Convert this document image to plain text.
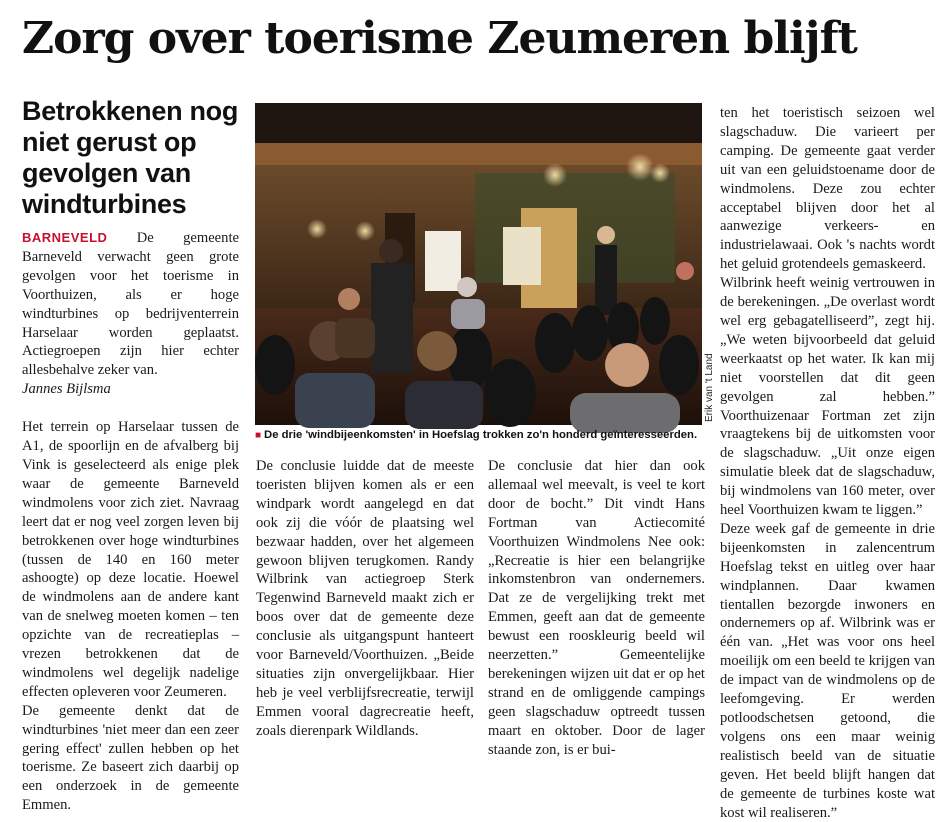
Zorg over toerisme Zeumeren blijft
Betrokkenen nog niet gerust op gevolgen van windturbines

BARNEVELD De gemeente Barneveld verwacht geen grote gevolgen voor het toerisme in Voorthuizen, als er hoge windturbines op bedrijventerrein Harselaar worden geplaatst. Actiegroepen zijn hier echter allesbehalve zeker van.

Jannes Bijlsma

Het terrein op Harselaar tussen de A1, de spoorlijn en de afvalberg bij Vink is geselecteerd als enige plek waar de gemeente Barneveld windmolens voor zich ziet. Navraag leert dat er nog veel zorgen leven bij betrokkenen over hoge windturbines (tussen de 140 en 160 meter ashoogte) op deze locatie. Hoewel de windmolens aan de andere kant van de snelweg moeten komen – ten opzichte van de recreatieplas – vrezen betrokkenen dat de windmolens wel degelijk nadelige effecten opleveren voor Zeumeren.

De gemeente denkt dat de windturbines 'niet meer dan een zeer gering effect' zullen hebben op het toerisme. Ze baseert zich daarbij op een onderzoek in de gemeente Emmen.

Erik van 't Land
■ De drie 'windbijeenkomsten' in Hoefslag trokken zo'n honderd geïnteresseerden.

De conclusie luidde dat de meeste toeristen blijven komen als er een windpark wordt aangelegd en dat ook zij die vóór de plaatsing wel bezwaar hadden, over het algemeen gewoon blijven terugkomen. Randy Wilbrink van actiegroep Sterk Tegenwind Barneveld maakt zich er boos over dat de gemeente deze conclusie als uitgangspunt hanteert voor Barneveld/Voorthuizen. „Beide situaties zijn onvergelijkbaar. Hier heb je veel verblijfsrecreatie, terwijl Emmen vooral dagrecreatie heeft, zoals dierenpark Wildlands.

De conclusie dat hier dan ook allemaal wel meevalt, is veel te kort door de bocht.” Dit vindt Hans Fortman van Actiecomité Voorthuizen Windmolens Nee ook: „Recreatie is hier een belangrijke inkomstenbron van ondernemers. Dat ze de vergelijking trekt met Emmen, geeft aan dat de gemeente bewust een rooskleurig beeld wil neerzetten.” Gemeentelijke berekeningen wijzen uit dat er op het strand en de omliggende campings geen slagschaduw optreedt tussen maart en oktober. Door de lager staande zon, is er bui-

ten het toeristisch seizoen wel slagschaduw. Die varieert per camping. De gemeente gaat verder uit van een geluidstoename door de windmolens. Deze zou echter acceptabel blijven door het al aanwezige verkeers- en industrielawaai. Ook 's nachts wordt het geluid grotendeels gemaskeerd.

Wilbrink heeft weinig vertrouwen in de berekeningen. „De overlast wordt wel erg gebagatelliseerd”, zegt hij. „We weten bijvoorbeeld dat geluid weerkaatst op het water. Ik kan mij niet voorstellen dat dit geen gevolgen zal hebben.” Voorthuizenaar Fortman zet zijn vraagtekens bij de uitkomsten voor de slagschaduw. „Uit onze eigen simulatie bleek dat de slagschaduw, bij windmolens van 160 meter, over heel Voorthuizen kwam te liggen.”

Deze week gaf de gemeente in drie bijeenkomsten in zalencentrum Hoefslag tekst en uitleg over haar windplannen. Daar kwamen tientallen bezorgde inwoners en ondernemers op af. Wilbrink was er één van. „Het was voor ons heel moeilijk om een beeld te krijgen van de impact van de windmolens op de leefomgeving. Er werden potloodschetsen getoond, die volgens ons een maar weinig realistisch beeld van de situatie geven. Het beeld blijft hangen dat de gemeente de turbines koste wat kost wil realiseren.”
